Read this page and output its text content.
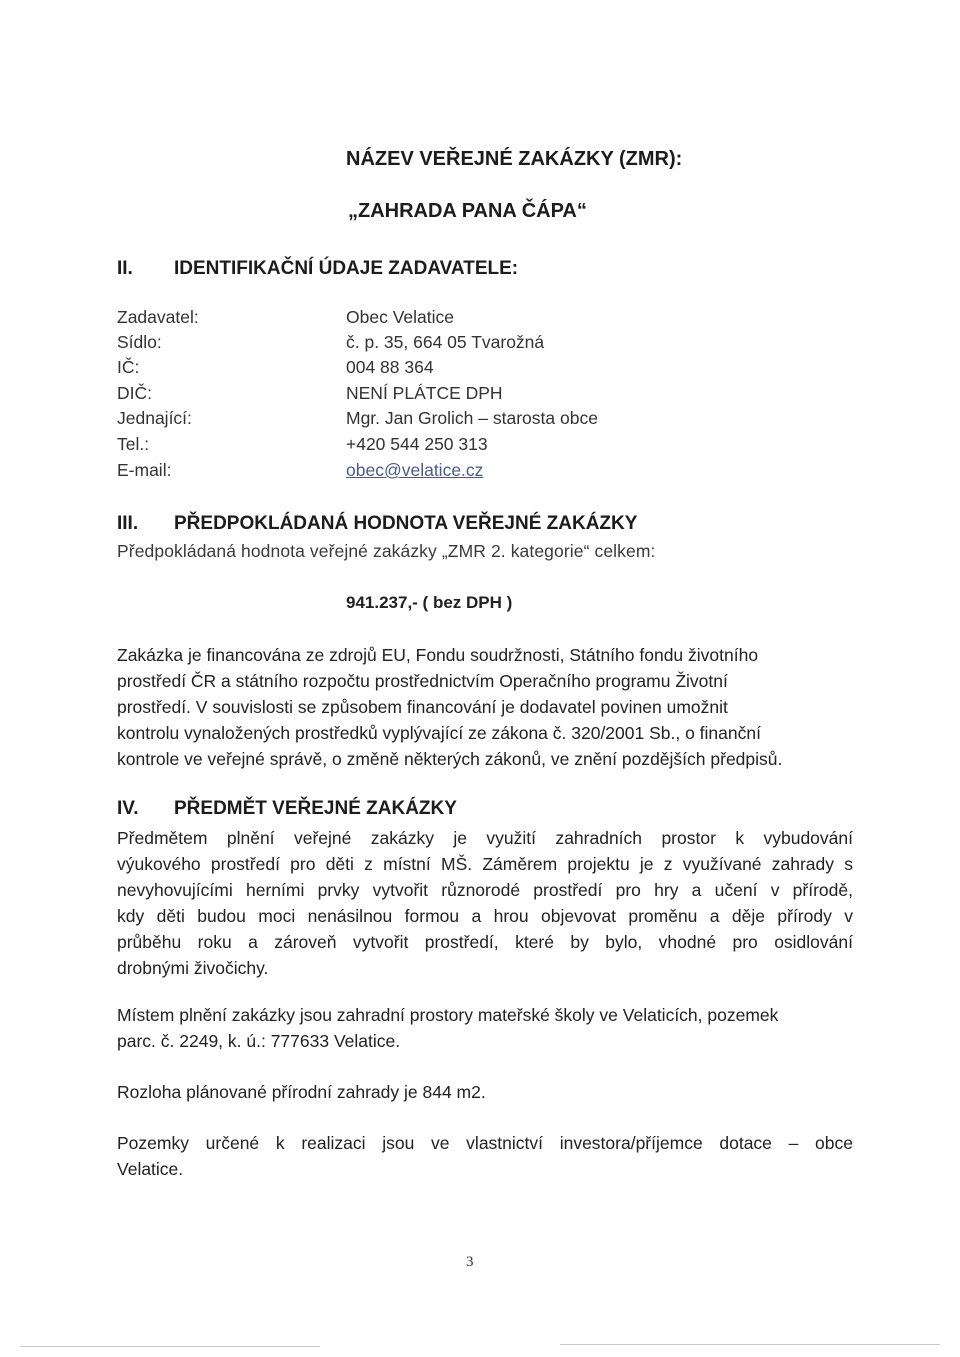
NÁZEV VEŘEJNÉ ZAKÁZKY (ZMR):
„ZAHRADA PANA ČÁPA“
II. IDENTIFIKAČNÍ ÚDAJE ZADAVATELE:
Zadavatel:	Obec Velatice
Sídlo:	č. p. 35, 664 05 Tvarožná
IČ:	004 88 364
DIČ:	NENÍ PLÁTCE DPH
Jednající:	Mgr. Jan Grolich – starosta obce
Tel.:	+420 544 250 313
E-mail:	obec@velatice.cz
III. PŘEDPOKLÁDANÁ HODNOTA VEŘEJNÉ ZAKÁZKY
Předpokládaná hodnota veřejné zakázky „ZMR 2. kategorie“ celkem:
941.237,- ( bez DPH )
Zakázka je financována ze zdrojů EU, Fondu soudržnosti, Státního fondu životního
prostředí ČR a státního rozpočtu prostřednictvím Operačního programu Životní
prostředí. V souvislosti se způsobem financování je dodavatel povinen umožnit
kontrolu vynaložených prostředků vyplývající ze zákona č. 320/2001 Sb., o finanční
kontrole ve veřejné správě, o změně některých zákonů, ve znění pozdějších předpisů.
IV. PŘEDMĚT VEŘEJNÉ ZAKÁZKY
Předmětem plnění veřejné zakázky je využití zahradních prostor k vybudování
výukového prostředí pro děti z místní MŠ. Záměrem projektu je z využívané zahrady s
nevyhovujícími herními prvky vytvořit různorodé prostředí pro hry a učení v přírodě,
kdy děti budou moci nenásilnou formou a hrou objevovat proměnu a děje přírody v
průběhu roku a zároveň vytvořit prostředí, které by bylo, vhodné pro osidlování
drobnými živočichy.
Místem plnění zakázky jsou zahradní prostory mateřské školy ve Velaticích, pozemek
parc. č. 2249, k. ú.: 777633 Velatice.
Rozloha plánované přírodní zahrady je 844 m2.
Pozemky určené k realizaci jsou ve vlastnictví investora/příjemce dotace – obce
Velatice.
3
